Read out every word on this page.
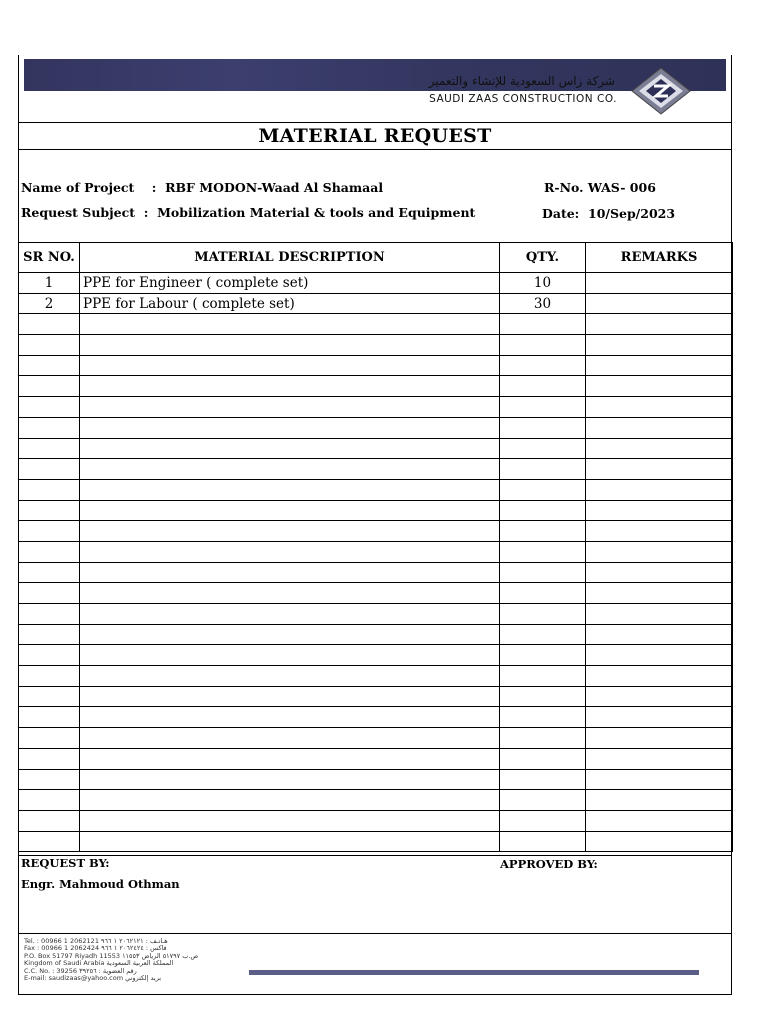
شركة زاس السعودية للإنشاء والتعمير
SAUDI ZAAS CONSTRUCTION CO.
MATERIAL REQUEST
Name of Project : RBF MODON-Waad Al Shamaal
Request Subject : Mobilization Material & tools and Equipment
R-No. WAS- 006
Date: 10/Sep/2023
SR NO.	MATERIAL DESCRIPTION	QTY.	REMARKS
1	PPE for Engineer ( complete set)	10	
2	PPE for Labour ( complete set)	30	

REQUEST BY:
Engr. Mahmoud Othman
APPROVED BY:
Tel. : 00966 1 2062121 هـاتـف : ٢٠٦٢١٢١ ١ ٩٦٦
Fax : 00966 1 2062424 فاكس : ٢٠٦٢٤٢٤ ١ ٩٦٦
P.O. Box 51797 Riyadh 11553 ص.ب ٥١٧٩٧ الرياض ١١٥٥٣
Kingdom of Saudi Arabia المملكة العربية السعودية
C.C. No. : 39256 رقم العضوية : ٣٩٢٥٦
E-mail: saudizaas@yahoo.com بريد إلكتروني
